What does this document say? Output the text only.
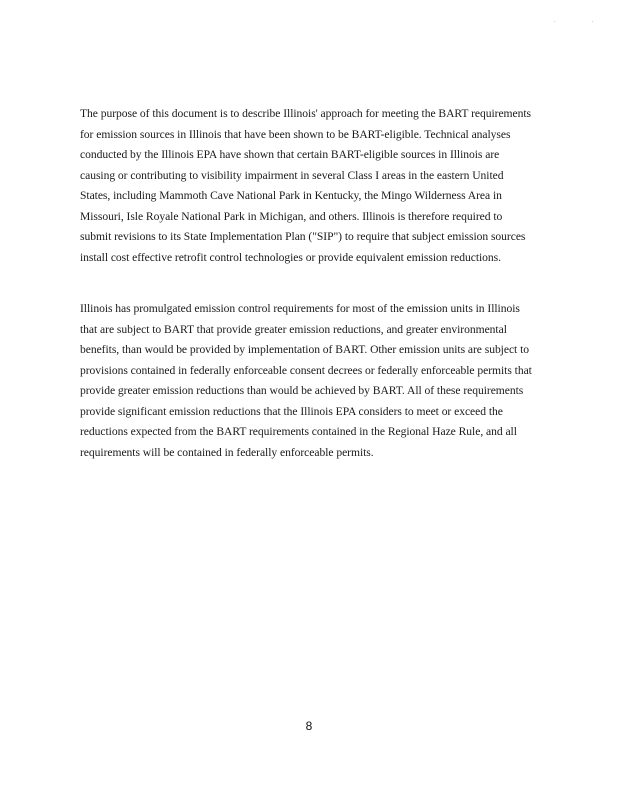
.	.

The purpose of this document is to describe Illinois' approach for meeting the BART requirements for emission sources in Illinois that have been shown to be BART-eligible. Technical analyses conducted by the Illinois EPA have shown that certain BART-eligible sources in Illinois are causing or contributing to visibility impairment in several Class I areas in the eastern United States, including Mammoth Cave National Park in Kentucky, the Mingo Wilderness Area in Missouri, Isle Royale National Park in Michigan, and others. Illinois is therefore required to submit revisions to its State Implementation Plan ("SIP") to require that subject emission sources install cost effective retrofit control technologies or provide equivalent emission reductions.

Illinois has promulgated emission control requirements for most of the emission units in Illinois that are subject to BART that provide greater emission reductions, and greater environmental benefits, than would be provided by implementation of BART. Other emission units are subject to provisions contained in federally enforceable consent decrees or federally enforceable permits that provide greater emission reductions than would be achieved by BART. All of these requirements provide significant emission reductions that the Illinois EPA considers to meet or exceed the reductions expected from the BART requirements contained in the Regional Haze Rule, and all requirements will be contained in federally enforceable permits.

8
